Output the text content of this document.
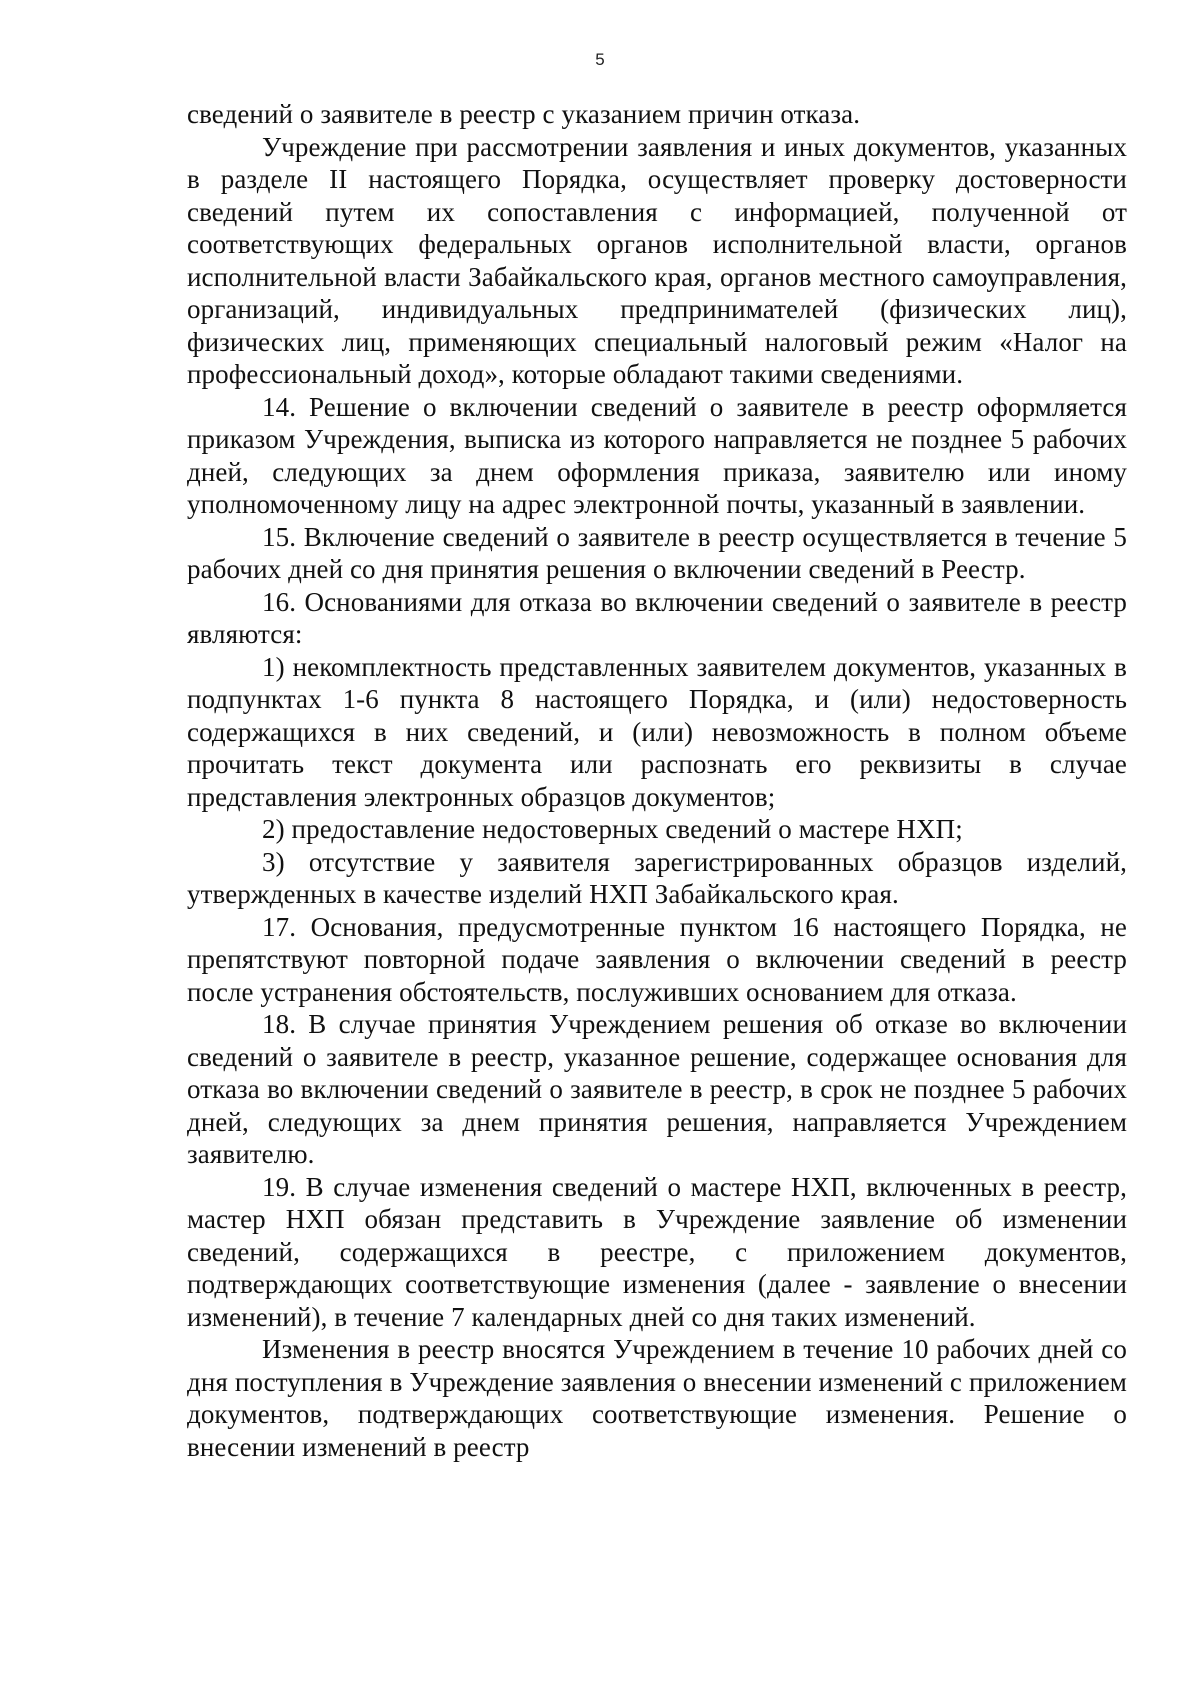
5

сведений о заявителе в реестр с указанием причин отказа.

Учреждение при рассмотрении заявления и иных документов, указанных в разделе II настоящего Порядка, осуществляет проверку достоверности сведений путем их сопоставления с информацией, полученной от соответствующих федеральных органов исполнительной власти, органов исполнительной власти Забайкальского края, органов местного самоуправления, организаций, индивидуальных предпринимателей (физических лиц), физических лиц, применяющих специальный налоговый режим «Налог на профессиональный доход», которые обладают такими сведениями.

14. Решение о включении сведений о заявителе в реестр оформляется приказом Учреждения, выписка из которого направляется не позднее 5 рабочих дней, следующих за днем оформления приказа, заявителю или иному уполномоченному лицу на адрес электронной почты, указанный в заявлении.

15. Включение сведений о заявителе в реестр осуществляется в течение 5 рабочих дней со дня принятия решения о включении сведений в Реестр.

16. Основаниями для отказа во включении сведений о заявителе в реестр являются:

1) некомплектность представленных заявителем документов, указанных в подпунктах 1-6 пункта 8 настоящего Порядка, и (или) недостоверность содержащихся в них сведений, и (или) невозможность в полном объеме прочитать текст документа или распознать его реквизиты в случае представления электронных образцов документов;

2) предоставление недостоверных сведений о мастере НХП;

3) отсутствие у заявителя зарегистрированных образцов изделий, утвержденных в качестве изделий НХП Забайкальского края.

17. Основания, предусмотренные пунктом 16 настоящего Порядка, не препятствуют повторной подаче заявления о включении сведений в реестр после устранения обстоятельств, послуживших основанием для отказа.

18. В случае принятия Учреждением решения об отказе во включении сведений о заявителе в реестр, указанное решение, содержащее основания для отказа во включении сведений о заявителе в реестр, в срок не позднее 5 рабочих дней, следующих за днем принятия решения, направляется Учреждением заявителю.

19. В случае изменения сведений о мастере НХП, включенных в реестр, мастер НХП обязан представить в Учреждение заявление об изменении сведений, содержащихся в реестре, с приложением документов, подтверждающих соответствующие изменения (далее - заявление о внесении изменений), в течение 7 календарных дней со дня таких изменений.

Изменения в реестр вносятся Учреждением в течение 10 рабочих дней со дня поступления в Учреждение заявления о внесении изменений с приложением документов, подтверждающих соответствующие изменения. Решение о внесении изменений в реестр
